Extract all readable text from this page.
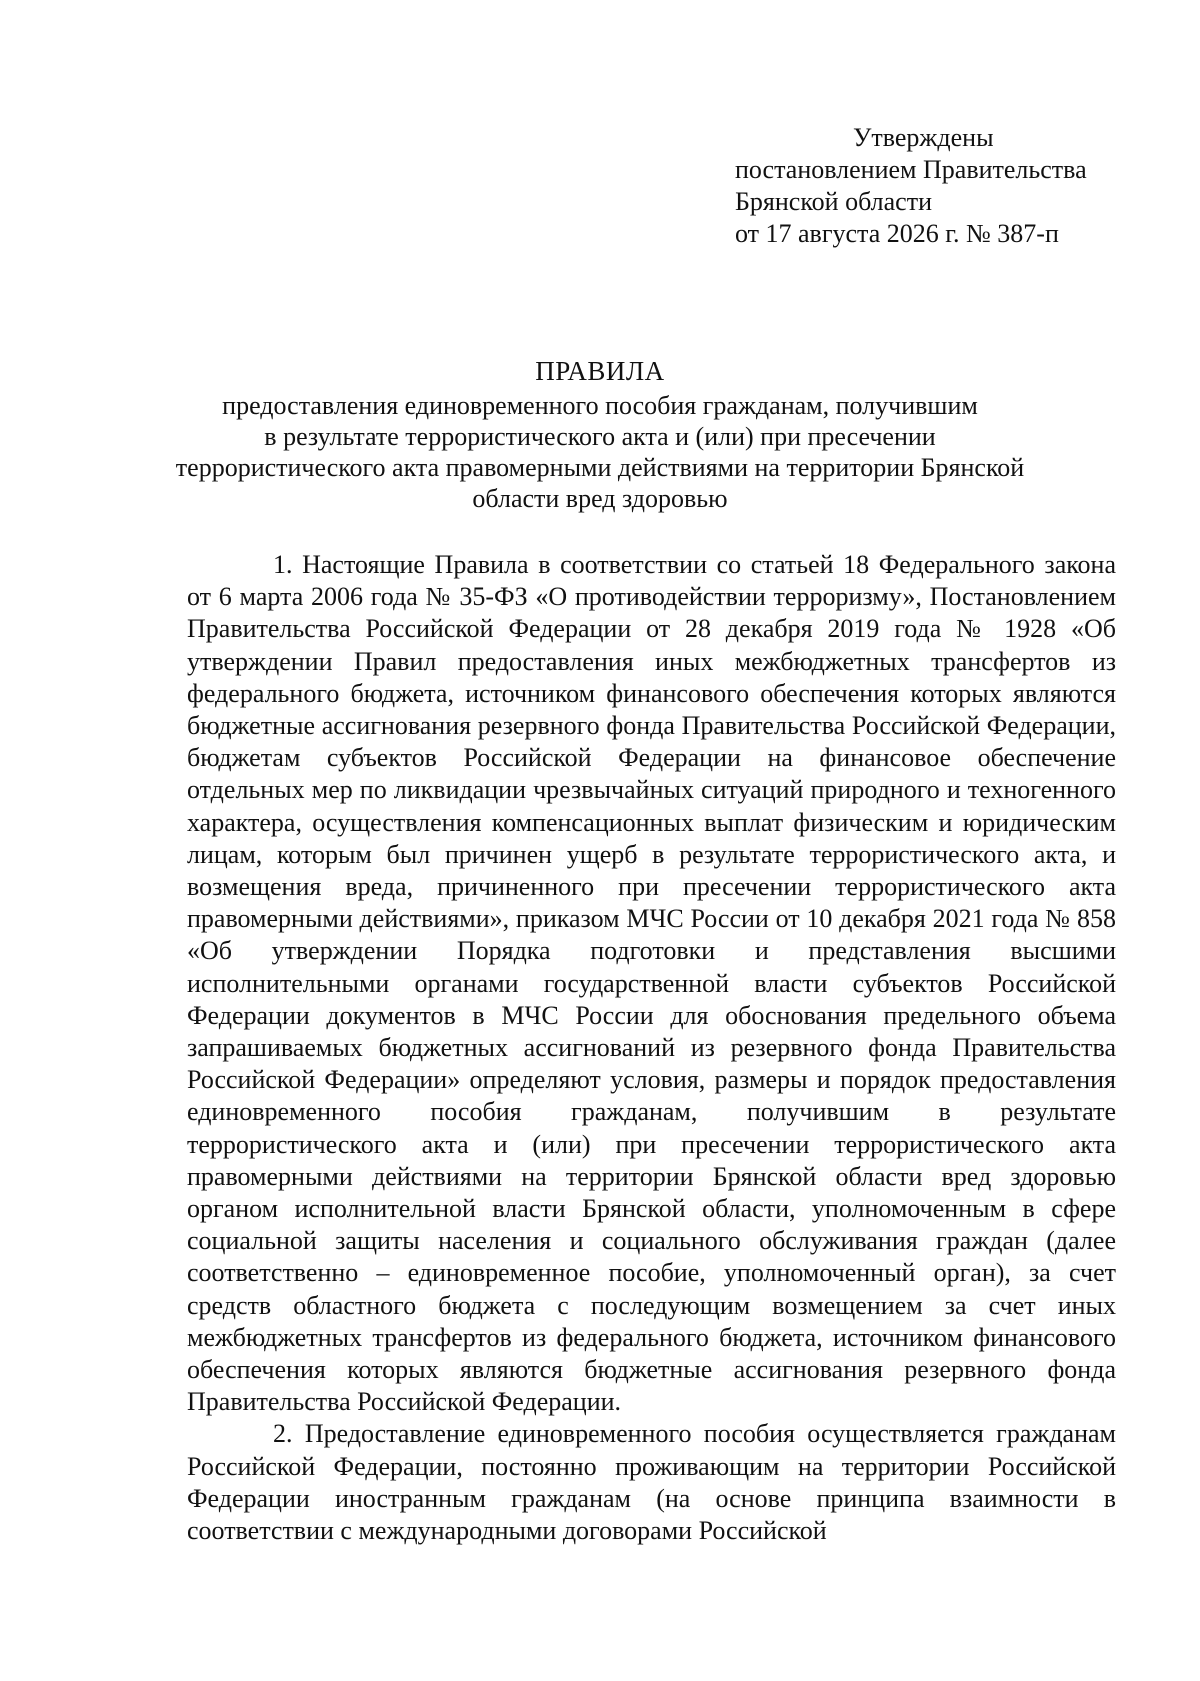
Утверждены
постановлением Правительства
Брянской области
от 17 августа 2026 г. № 387-п
ПРАВИЛА
предоставления единовременного пособия гражданам, получившим
в результате террористического акта и (или) при пресечении
террористического акта правомерными действиями на территории Брянской
области вред здоровью

1. Настоящие Правила в соответствии со статьей 18 Федерального закона от 6 марта 2006 года № 35-ФЗ «О противодействии терроризму», Постановлением Правительства Российской Федерации от 28 декабря 2019 года № 1928 «Об утверждении Правил предоставления иных межбюджетных трансфертов из федерального бюджета, источником финансового обеспечения которых являются бюджетные ассигнования резервного фонда Правительства Российской Федерации, бюджетам субъектов Российской Федерации на финансовое обеспечение отдельных мер по ликвидации чрезвычайных ситуаций природного и техногенного характера, осуществления компенсационных выплат физическим и юридическим лицам, которым был причинен ущерб в результате террористического акта, и возмещения вреда, причиненного при пресечении террористического акта правомерными действиями», приказом МЧС России от 10 декабря 2021 года № 858 «Об утверждении Порядка подготовки и представления высшими исполнительными органами государственной власти субъектов Российской Федерации документов в МЧС России для обоснования предельного объема запрашиваемых бюджетных ассигнований из резервного фонда Правительства Российской Федерации» определяют условия, размеры и порядок предоставления единовременного пособия гражданам, получившим в результате террористического акта и (или) при пресечении террористического акта правомерными действиями на территории Брянской области вред здоровью органом исполнительной власти Брянской области, уполномоченным в сфере социальной защиты населения и социального обслуживания граждан (далее соответственно – единовременное пособие, уполномоченный орган), за счет средств областного бюджета с последующим возмещением за счет иных межбюджетных трансфертов из федерального бюджета, источником финансового обеспечения которых являются бюджетные ассигнования резервного фонда Правительства Российской Федерации.

2. Предоставление единовременного пособия осуществляется гражданам Российской Федерации, постоянно проживающим на территории Российской Федерации иностранным гражданам (на основе принципа взаимности в соответствии с международными договорами Российской
